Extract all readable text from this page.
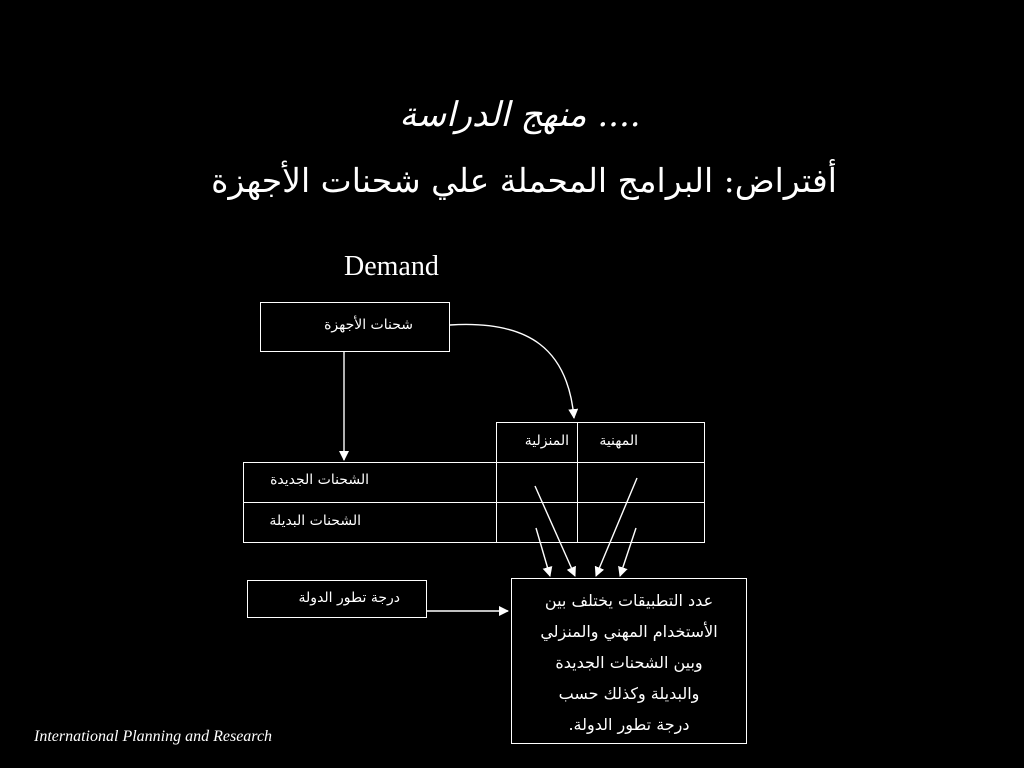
منهج الدراسة ....
أفتراض: البرامج المحملة علي شحنات الأجهزة
Demand
شحنات الأجهزة
المنزلية المهنية
الشحنات الجديدة
الشحنات البديلة
درجة تطور الدولة	عدد التطبيقات يختلف بين
الأستخدام المهني والمنزلي
وبين الشحنات الجديدة
والبديلة وكذلك حسب
درجة تطور الدولة.
International Planning and Research
